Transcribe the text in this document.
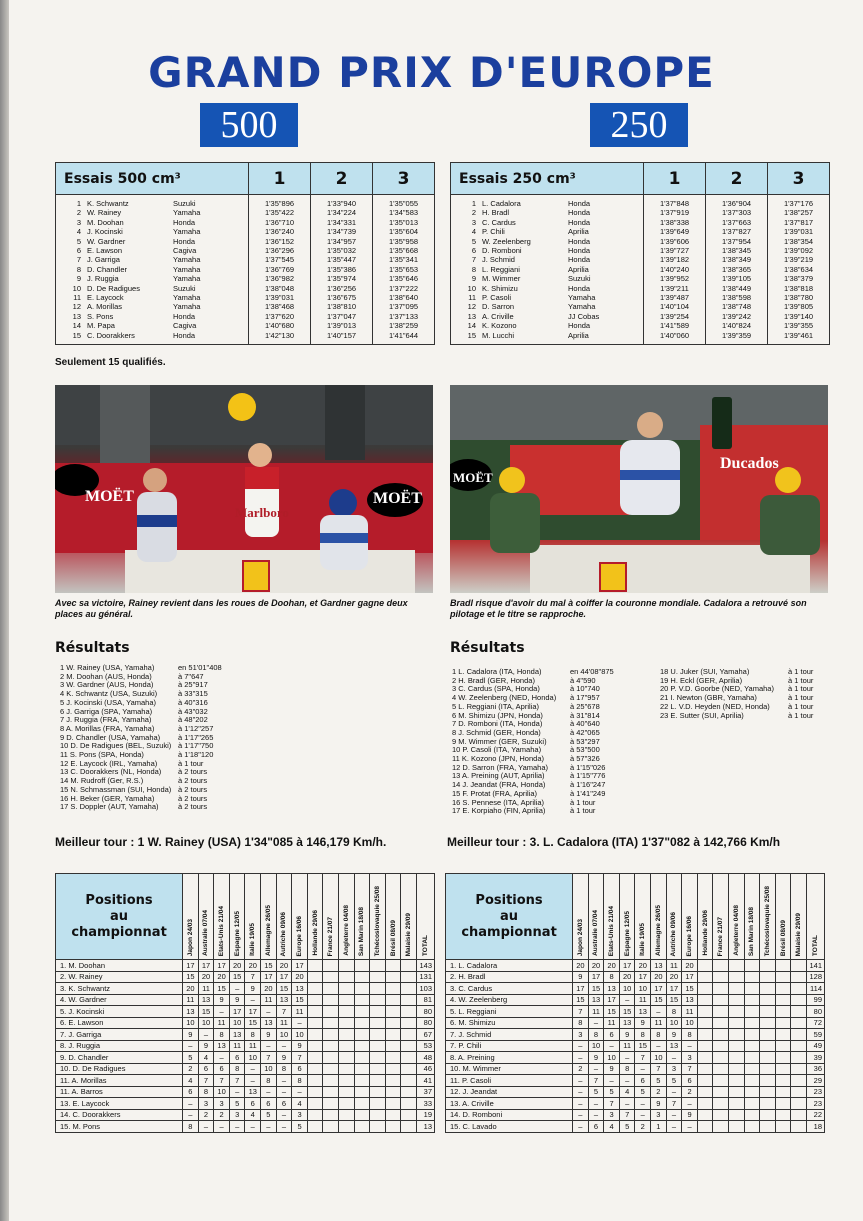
GRAND PRIX D'EUROPE
500	250
Essais 500 cm³	1	2	3
1 K. Schwantz Suzuki	1'35"896	1'33"940	1'35"055
2 W. Rainey Yamaha	1'35"422	1'34"224	1'34"583
3 M. Doohan Honda	1'36"710	1'34"331	1'35"013
4 J. Kocinski Yamaha	1'36"240	1'34"739	1'35"604
5 W. Gardner Honda	1'36"152	1'34"957	1'35"958
6 E. Lawson Cagiva	1'36"296	1'35"032	1'35"668
7 J. Garriga Yamaha	1'37"545	1'35"447	1'35"341
8 D. Chandler Yamaha	1'36"769	1'35"386	1'35"653
9 J. Ruggia Yamaha	1'36"982	1'35"974	1'35"646
10 D. De Radigues Suzuki	1'38"048	1'36"256	1'37"222
11 E. Laycock Yamaha	1'39"031	1'36"675	1'38"640
12 A. Morillas Yamaha	1'38"468	1'38"810	1'37"095
13 S. Pons Honda	1'37"620	1'37"047	1'37"133
14 M. Papa Cagiva	1'40"680	1'39"013	1'38"259
15 C. Doorakkers Honda	1'42"130	1'40"157	1'41"644
Essais 250 cm³	1	2	3
1 L. Cadalora Honda	1'37"848	1'36"904	1'37"176
2 H. Bradl Honda	1'37"919	1'37"303	1'38"257
3 C. Cardus Honda	1'38"338	1'37"663	1'37"817
4 P. Chili Aprilia	1'39"649	1'37"827	1'39"031
5 W. Zeelenberg Honda	1'39"606	1'37"954	1'38"354
6 D. Romboni Honda	1'39"727	1'38"345	1'39"092
7 J. Schmid Honda	1'39"182	1'38"349	1'39"219
8 L. Reggiani Aprilia	1'40"240	1'38"365	1'38"634
9 M. Wimmer Suzuki	1'39"952	1'39"105	1'38"379
10 K. Shimizu Honda	1'39"211	1'38"449	1'38"818
11 P. Casoli Yamaha	1'39"487	1'38"598	1'38"780
12 D. Sarron Yamaha	1'40"104	1'38"748	1'39"805
13 A. Criville JJ Cobas	1'39"254	1'39"242	1'39"140
14 K. Kozono Honda	1'41"589	1'40"824	1'39"355
15 M. Lucchi Aprilia	1'40"060	1'39"359	1'39"461
Seulement 15 qualifiés.
MOËT	MOËT
Marlboro
Ducados
MOËT
Avec sa victoire, Rainey revient dans les roues de Doohan, et Gardner gagne deux places au général.
Bradl risque d'avoir du mal à coiffer la couronne mondiale. Cadalora a retrouvé son pilotage et le titre se rapproche.
Résultats	Résultats
1 W. Rainey (USA, Yamaha)	en 51'01"408
2 M. Doohan (AUS, Honda)	à 7"647
3 W. Gardner (AUS, Honda)	à 25"917
4 K. Schwantz (USA, Suzuki)	à 33"315
5 J. Kocinski (USA, Yamaha)	à 40"316
6 J. Garriga (SPA, Yamaha)	à 43"032
7 J. Ruggia (FRA, Yamaha)	à 48"202
8 A. Morillas (FRA, Yamaha)	à 1'12"257
9 D. Chandler (USA, Yamaha)	à 1'17"265
10 D. De Radigues (BEL, Suzuki) à 1'17"750
11 S. Pons (SPA, Honda)	à 1'18"120
12 E. Laycock (IRL, Yamaha)	à 1 tour
13 C. Doorakkers (NL, Honda)	à 2 tours
14 M. Rudroff (Ger, R.S.)	à 2 tours
15 N. Schmassman (SUI, Honda) à 2 tours
16 H. Beker (GER, Yamaha)	à 2 tours
17 S. Doppler (AUT, Yamaha)	à 2 tours
1 L. Cadalora (ITA, Honda)	en 44'08"875
2 H. Bradl (GER, Honda)	à 4"590
3 C. Cardus (SPA, Honda)	à 10"740
4 W. Zeelenberg (NED, Honda)	à 17"957
5 L. Reggiani (ITA, Aprilia)	à 25"678
6 M. Shimizu (JPN, Honda)	à 31"814
7 D. Romboni (ITA, Honda)	à 40"640
8 J. Schmid (GER, Honda)	à 42"065
9 M. Wimmer (GER, Suzuki)	à 53"297
10 P. Casoli (ITA, Yamaha)	à 53"500
11 K. Kozono (JPN, Honda)	à 57"326
12 D. Sarron (FRA, Yamaha)	à 1'15"026
13 A. Preining (AUT, Aprilia)	à 1'15"776
14 J. Jeandat (FRA, Honda)	à 1'16"247
15 F. Protat (FRA, Aprilia)	à 1'41"249
16 S. Pennese (ITA, Aprilia)	à 1 tour
17 E. Korpiaho (FIN, Aprilia)	à 1 tour
18 U. Juker (SUI, Yamaha)	à 1 tour
19 H. Eckl (GER, Aprilia)	à 1 tour
20 P. V.D. Goorbe (NED, Yamaha)	à 1 tour
21 I. Newton (GBR, Yamaha)	à 1 tour
22 L. V.D. Heyden (NED, Honda)	à 1 tour
23 E. Sutter (SUI, Aprilia)	à 1 tour
Meilleur tour : 1 W. Rainey (USA) 1'34"085 à 146,179 Km/h.	Meilleur tour : 3. L. Cadalora (ITA) 1'37"082 à 142,766 Km/h
Positions
au
championnat	Japon 24/03	Australie 07/04	Etats-Unis 21/04	Espagne 12/05	Italie 19/05	Allemagne 26/05	Autriche 09/06	Europe 16/06	Hollande 29/06	France 21/07	Angleterre 04/08	San Marin 18/08	Tchécoslovaquie 25/08	Brésil 08/09	Malaisie 29/09	TOTAL

1. M. Doohan	17	17	17	20	20	15	20	17								143
2. W. Rainey	15	20	20	15	7	17	17	20								131
3. K. Schwantz	20	11	15	–	9	20	15	13								103
4. W. Gardner	11	13	9	9	–	11	13	15								81
5. J. Kocinski	13	15	–	17	17	–	7	11								80
6. E. Lawson	10	10	11	10	15	13	11	–								80
7. J. Garriga	9	–	8	13	8	9	10	10								67
8. J. Ruggia	–	9	13	11	11	–	–	9								53
9. D. Chandler	5	4	–	6	10	7	9	7								48
10. D. De Radigues	2	6	6	8	–	10	8	6								46
11. A. Morillas	4	7	7	7	–	8	–	8								41
11. A. Barros	6	8	10	–	13	–	–	–								37
13. E. Laycock	–	3	3	5	6	6	6	4								33
14. C. Doorakkers	–	2	2	3	4	5	–	3								19
15. M. Pons	8	–	–	–	–	–	–	5								13
Positions
au
championnat	Japon 24/03	Australie 07/04	Etats-Unis 21/04	Espagne 12/05	Italie 19/05	Allemagne 26/05	Autriche 09/06	Europe 16/06	Hollande 29/06	France 21/07	Angleterre 04/08	San Marin 18/08	Tchécoslovaquie 25/08	Brésil 08/09	Malaisie 29/09	TOTAL

1. L. Cadalora	20	20	20	17	20	13	11	20								141
2. H. Bradl	9	17	8	20	17	20	20	17								128
3. C. Cardus	17	15	13	10	10	17	17	15								114
4. W. Zeelenberg	15	13	17	–	11	15	15	13								99
5. L. Reggiani	7	11	15	15	13	–	8	11								80
6. M. Shimizu	8	–	11	13	9	11	10	10								72
7. J. Schmid	3	8	6	9	8	8	9	8								59
7. P. Chili	–	10	–	11	15	–	13	–								49
8. A. Preining	–	9	10	–	7	10	–	3								39
10. M. Wimmer	2	–	9	8	–	7	3	7								36
11. P. Casoli	–	7	–	–	6	5	5	6								29
12. J. Jeandat	–	5	5	4	5	2	–	2								23
13. A. Criville	–	–	7	–	–	9	7	–								23
14. D. Romboni	–	–	3	7	–	3	–	9								22
15. C. Lavado	–	6	4	5	2	1	–	–								18
